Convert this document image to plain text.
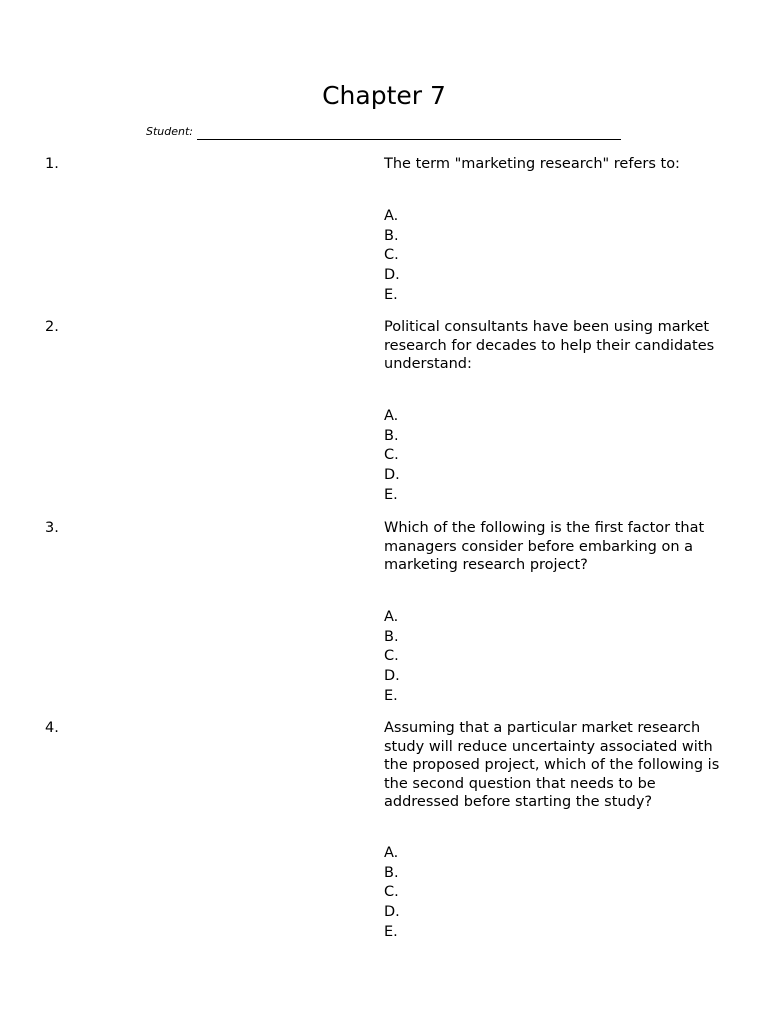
Chapter 7
Student:
1.	The term "marketing research" refers to:
A.
B.
C.
D.
E.
2.	Political consultants have been using market research for decades to help their candidates understand:
A.
B.
C.
D.
E.
3.	Which of the following is the first factor that managers consider before embarking on a marketing research project?
A.
B.
C.
D.
E.
4.	Assuming that a particular market research study will reduce uncertainty associated with the proposed project, which of the following is the second question that needs to be addressed before starting the study?
A.
B.
C.
D.
E.
